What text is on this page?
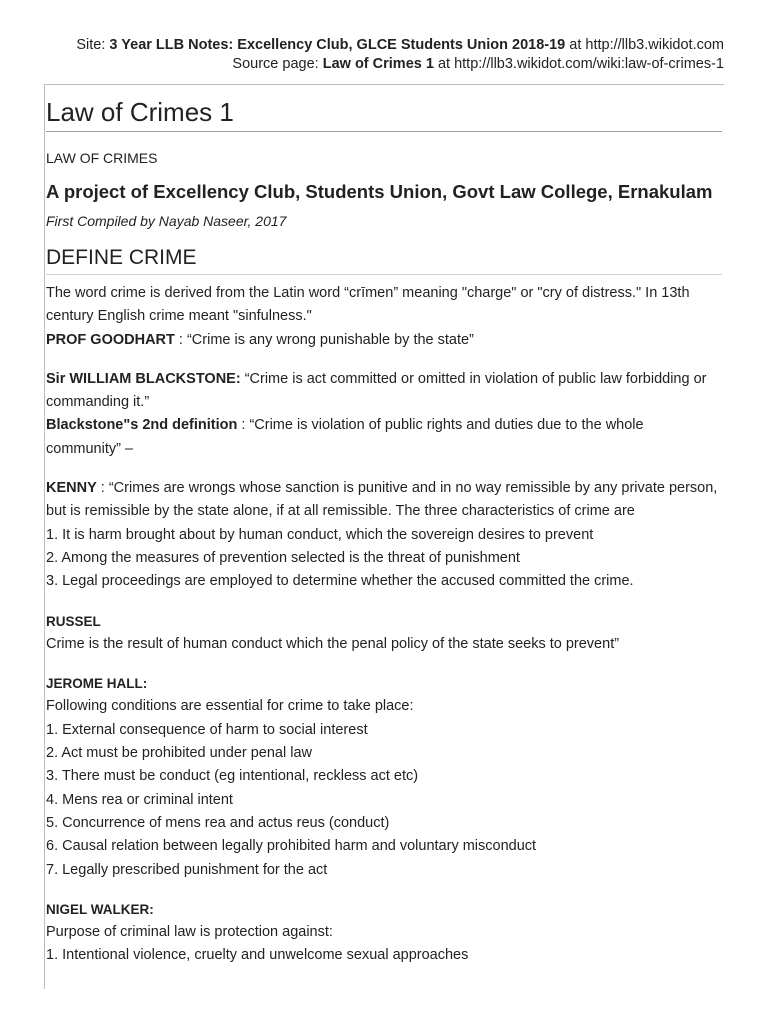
Site: 3 Year LLB Notes: Excellency Club, GLCE Students Union 2018-19 at http://llb3.wikidot.com
Source page: Law of Crimes 1 at http://llb3.wikidot.com/wiki:law-of-crimes-1
Law of Crimes 1
LAW OF CRIMES
A project of Excellency Club, Students Union, Govt Law College, Ernakulam
First Compiled by Nayab Naseer, 2017
DEFINE CRIME

The word crime is derived from the Latin word “crīmen” meaning "charge" or "cry of distress." In 13th century English crime meant "sinfulness."

PROF GOODHART : “Crime is any wrong punishable by the state”

Sir WILLIAM BLACKSTONE: “Crime is act committed or omitted in violation of public law forbidding or commanding it.”

Blackstone"s 2nd definition : “Crime is violation of public rights and duties due to the whole community” –

KENNY : “Crimes are wrongs whose sanction is punitive and in no way remissible by any private person, but is remissible by the state alone, if at all remissible. The three characteristics of crime are

1. It is harm brought about by human conduct, which the sovereign desires to prevent

2. Among the measures of prevention selected is the threat of punishment

3. Legal proceedings are employed to determine whether the accused committed the crime.

RUSSEL

Crime is the result of human conduct which the penal policy of the state seeks to prevent”

JEROME HALL:

Following conditions are essential for crime to take place:

1. External consequence of harm to social interest

2. Act must be prohibited under penal law

3. There must be conduct (eg intentional, reckless act etc)

4. Mens rea or criminal intent

5. Concurrence of mens rea and actus reus (conduct)

6. Causal relation between legally prohibited harm and voluntary misconduct

7. Legally prescribed punishment for the act

NIGEL WALKER:

Purpose of criminal law is protection against:

1. Intentional violence, cruelty and unwelcome sexual approaches
